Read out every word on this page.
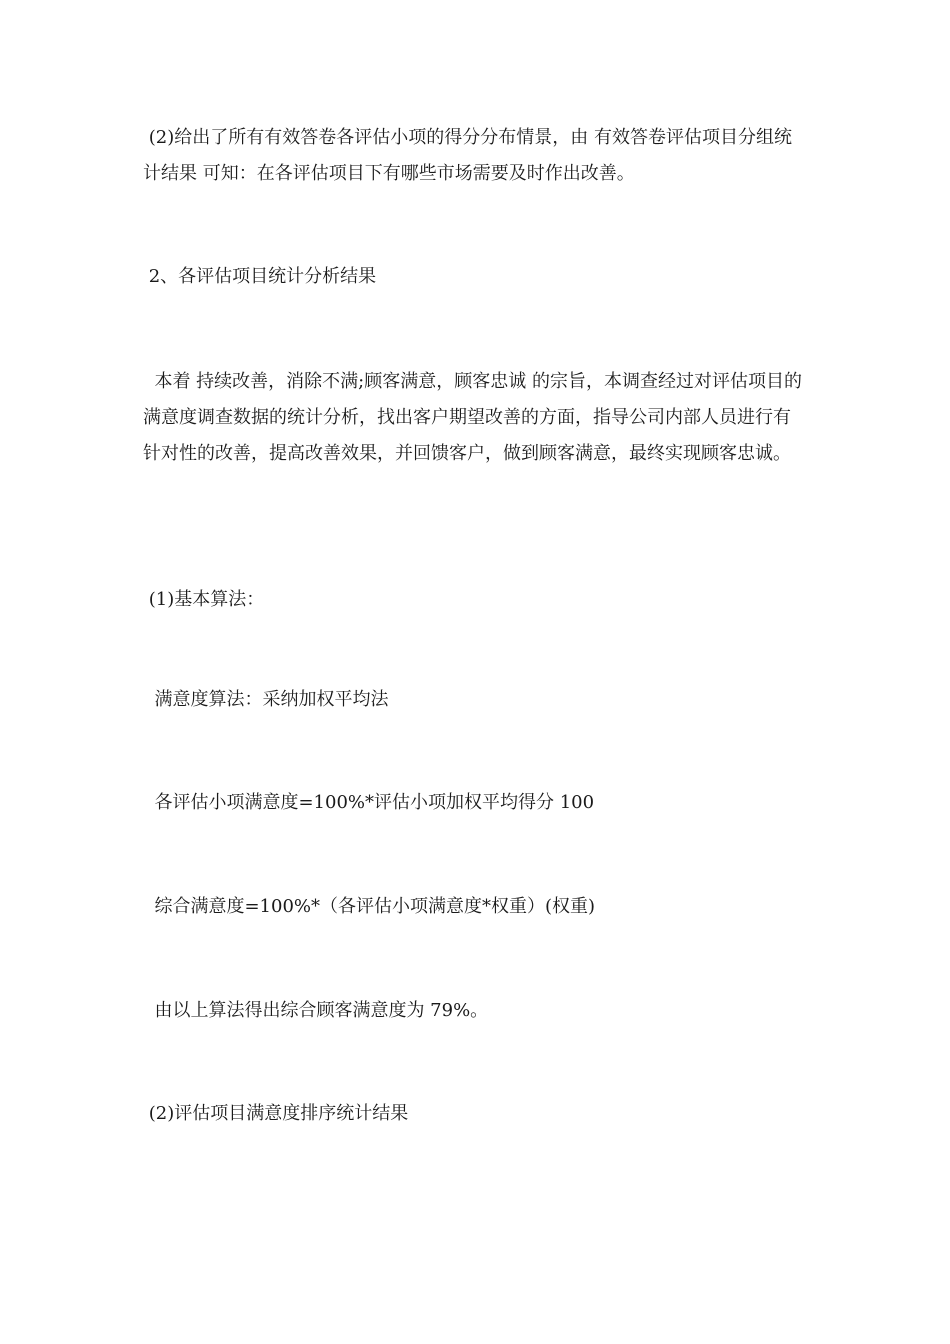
(2)给出了所有有效答卷各评估小项的得分分布情景，由 有效答卷评估项目分组统计结果 可知：在各评估项目下有哪些市场需要及时作出改善。

2、各评估项目统计分析结果

本着 持续改善，消除不满;顾客满意，顾客忠诚 的宗旨，本调查经过对评估项目的满意度调查数据的统计分析，找出客户期望改善的方面，指导公司内部人员进行有针对性的改善，提高改善效果，并回馈客户，做到顾客满意，最终实现顾客忠诚。

(1)基本算法：

满意度算法：采纳加权平均法

各评估小项满意度=100%*评估小项加权平均得分 100

综合满意度=100%*（各评估小项满意度*权重）(权重)

由以上算法得出综合顾客满意度为 79%。

(2)评估项目满意度排序统计结果
